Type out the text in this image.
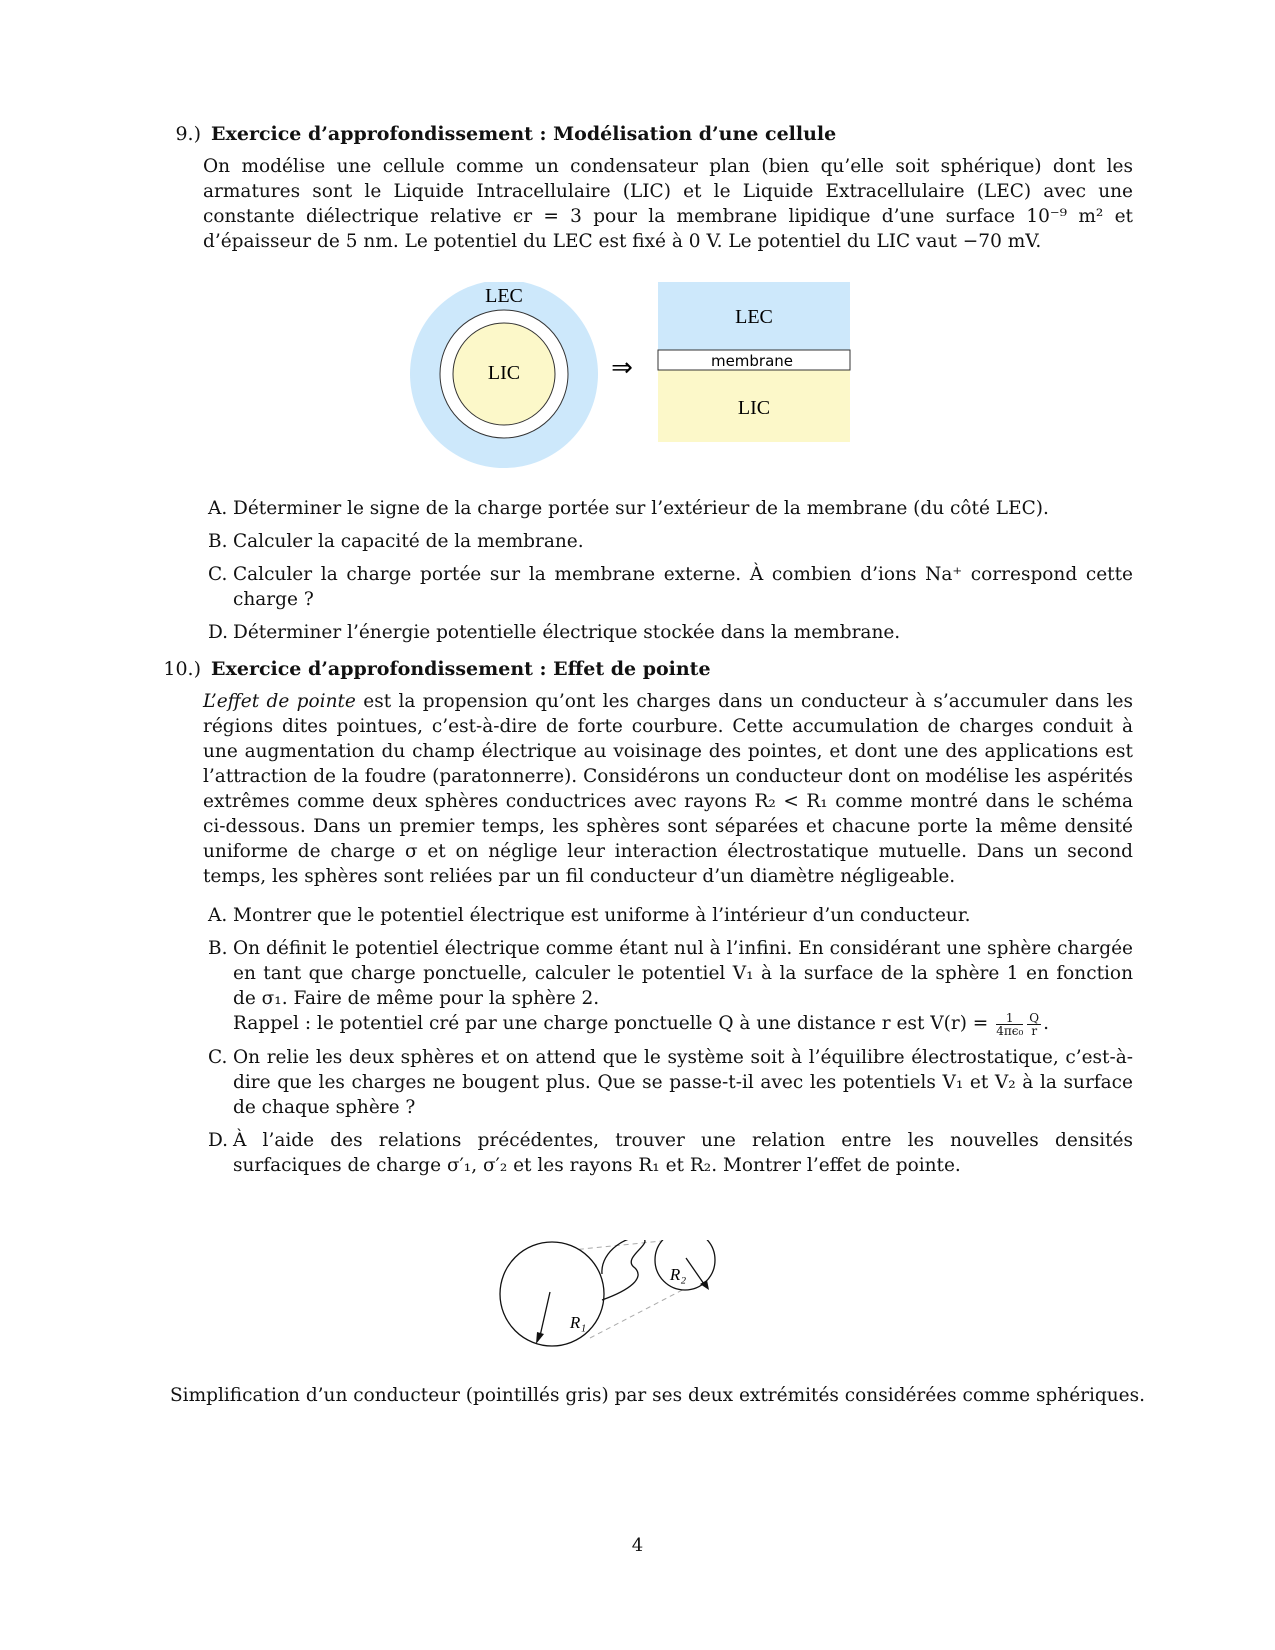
9.) Exercice d’approfondissement : Modélisation d’une cellule
On modélise une cellule comme un condensateur plan (bien qu’elle soit sphérique) dont les armatures sont le Liquide Intracellulaire (LIC) et le Liquide Extracellulaire (LEC) avec une constante diélectrique relative ϵr = 3 pour la membrane lipidique d’une surface 10⁻⁹ m² et d’épaisseur de 5 nm. Le potentiel du LEC est fixé à 0 V. Le potentiel du LIC vaut −70 mV.
LEC
LIC	⇒
LEC
membrane
LIC
A. Déterminer le signe de la charge portée sur l’extérieur de la membrane (du côté LEC).
B. Calculer la capacité de la membrane.
C. Calculer la charge portée sur la membrane externe. À combien d’ions Na⁺ correspond cette charge ?
D. Déterminer l’énergie potentielle électrique stockée dans la membrane.
10.) Exercice d’approfondissement : Effet de pointe
L’effet de pointe est la propension qu’ont les charges dans un conducteur à s’accumuler dans les régions dites pointues, c’est-à-dire de forte courbure. Cette accumulation de charges conduit à une augmentation du champ électrique au voisinage des pointes, et dont une des applications est l’attraction de la foudre (paratonnerre). Considérons un conducteur dont on modélise les aspérités extrêmes comme deux sphères conductrices avec rayons R₂ < R₁ comme montré dans le schéma ci-dessous. Dans un premier temps, les sphères sont séparées et chacune porte la même densité uniforme de charge σ et on néglige leur interaction électrostatique mutuelle. Dans un second temps, les sphères sont reliées par un fil conducteur d’un diamètre négligeable.
A. Montrer que le potentiel électrique est uniforme à l’intérieur d’un conducteur.
B. On définit le potentiel électrique comme étant nul à l’infini. En considérant une sphère chargée en tant que charge ponctuelle, calculer le potentiel V₁ à la surface de la sphère 1 en fonction de σ₁. Faire de même pour la sphère 2.
Rappel : le potentiel cré par une charge ponctuelle Q à une distance r est $V(r) = \frac{1}{\text{4πϵ₀}} \frac{Q}{r}$ .
C. On relie les deux sphères et on attend que le système soit à l’équilibre électrostatique, c’est-à-dire que les charges ne bougent plus. Que se passe-t-il avec les potentiels V₁ et V₂ à la surface de chaque sphère ?
D. À l’aide des relations précédentes, trouver une relation entre les nouvelles densités surfaciques de charge σ′₁, σ′₂ et les rayons R₁ et R₂. Montrer l’effet de pointe.
R₁
R₂
Simplification d’un conducteur (pointillés gris) par ses deux extrémités considérées comme sphériques.
4
